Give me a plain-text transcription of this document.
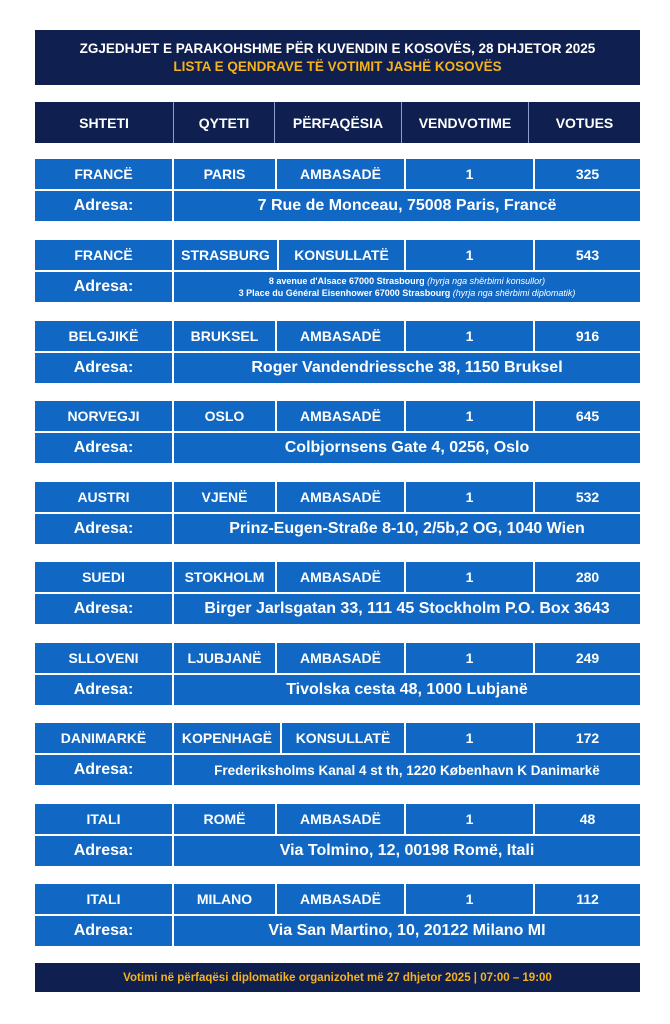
ZGJEDHJET E PARAKOHSHME PËR KUVENDIN E KOSOVËS, 28 DHJETOR 2025
LISTA E QENDRAVE TË VOTIMIT JASHË KOSOVËS
SHTETI	QYTETI	PËRFAQËSIA	VENDVOTIME	VOTUES
FRANCË	PARIS	AMBASADË	1	325
Adresa:	7 Rue de Monceau, 75008 Paris, Francë
FRANCË	STRASBURG	KONSULLATË	1	543
Adresa:	8 avenue d'Alsace 67000 Strasbourg (hyrja nga shërbimi konsullor)
3 Place du Général Eisenhower 67000 Strasbourg (hyrja nga shërbimi diplomatik)
BELGJIKË	BRUKSEL	AMBASADË	1	916
Adresa:	Roger Vandendriessche 38, 1150 Bruksel
NORVEGJI	OSLO	AMBASADË	1	645
Adresa:	Colbjornsens Gate 4, 0256, Oslo
AUSTRI	VJENË	AMBASADË	1	532
Adresa:	Prinz-Eugen-Straße 8-10, 2/5b,2 OG, 1040 Wien
SUEDI	STOKHOLM	AMBASADË	1	280
Adresa:	Birger Jarlsgatan 33, 111 45 Stockholm P.O. Box 3643
SLLOVENI	LJUBJANË	AMBASADË	1	249
Adresa:	Tivolska cesta 48, 1000 Lubjanë
DANIMARKË	KOPENHAGË	KONSULLATË	1	172
Adresa:	Frederiksholms Kanal 4 st th, 1220 København K Danimarkë
ITALI	ROMË	AMBASADË	1	48
Adresa:	Via Tolmino, 12, 00198 Romë, Itali
ITALI	MILANO	AMBASADË	1	112
Adresa:	Via San Martino, 10, 20122 Milano MI
Votimi në përfaqësi diplomatike organizohet më 27 dhjetor 2025 | 07:00 – 19:00
